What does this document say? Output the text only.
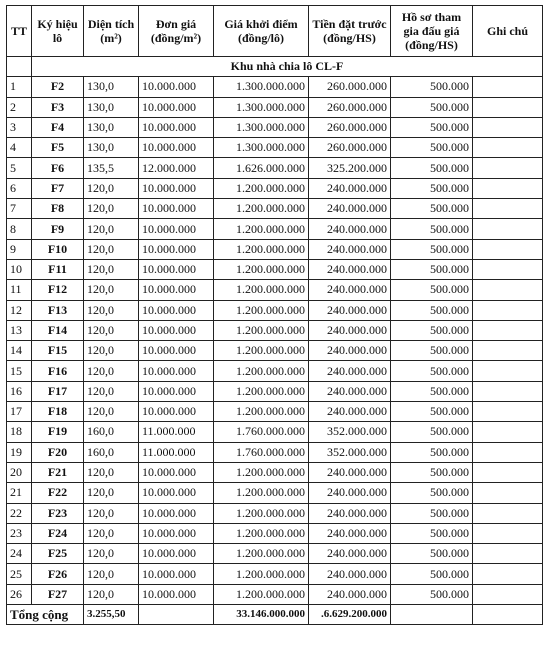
TT	Ký hiệu lô	Diện tích (m²)	Đơn giá (đồng/m²)	Giá khởi điểm (đồng/lô)	Tiền đặt trước (đồng/HS)	Hồ sơ tham gia đấu giá (đồng/HS)	Ghi chú
	Khu nhà chia lô CL-F						
1	F2	130,0	10.000.000	1.300.000.000	260.000.000	500.000	
2	F3	130,0	10.000.000	1.300.000.000	260.000.000	500.000	
3	F4	130,0	10.000.000	1.300.000.000	260.000.000	500.000	
4	F5	130,0	10.000.000	1.300.000.000	260.000.000	500.000	
5	F6	135,5	12.000.000	1.626.000.000	325.200.000	500.000	
6	F7	120,0	10.000.000	1.200.000.000	240.000.000	500.000	
7	F8	120,0	10.000.000	1.200.000.000	240.000.000	500.000	
8	F9	120,0	10.000.000	1.200.000.000	240.000.000	500.000	
9	F10	120,0	10.000.000	1.200.000.000	240.000.000	500.000	
10	F11	120,0	10.000.000	1.200.000.000	240.000.000	500.000	
11	F12	120,0	10.000.000	1.200.000.000	240.000.000	500.000	
12	F13	120,0	10.000.000	1.200.000.000	240.000.000	500.000	
13	F14	120,0	10.000.000	1.200.000.000	240.000.000	500.000	
14	F15	120,0	10.000.000	1.200.000.000	240.000.000	500.000	
15	F16	120,0	10.000.000	1.200.000.000	240.000.000	500.000	
16	F17	120,0	10.000.000	1.200.000.000	240.000.000	500.000	
17	F18	120,0	10.000.000	1.200.000.000	240.000.000	500.000	
18	F19	160,0	11.000.000	1.760.000.000	352.000.000	500.000	
19	F20	160,0	11.000.000	1.760.000.000	352.000.000	500.000	
20	F21	120,0	10.000.000	1.200.000.000	240.000.000	500.000	
21	F22	120,0	10.000.000	1.200.000.000	240.000.000	500.000	
22	F23	120,0	10.000.000	1.200.000.000	240.000.000	500.000	
23	F24	120,0	10.000.000	1.200.000.000	240.000.000	500.000	
24	F25	120,0	10.000.000	1.200.000.000	240.000.000	500.000	
25	F26	120,0	10.000.000	1.200.000.000	240.000.000	500.000	
26	F27	120,0	10.000.000	1.200.000.000	240.000.000	500.000	
Tổng cộng		3.255,50		33.146.000.000	.6.629.200.000		
